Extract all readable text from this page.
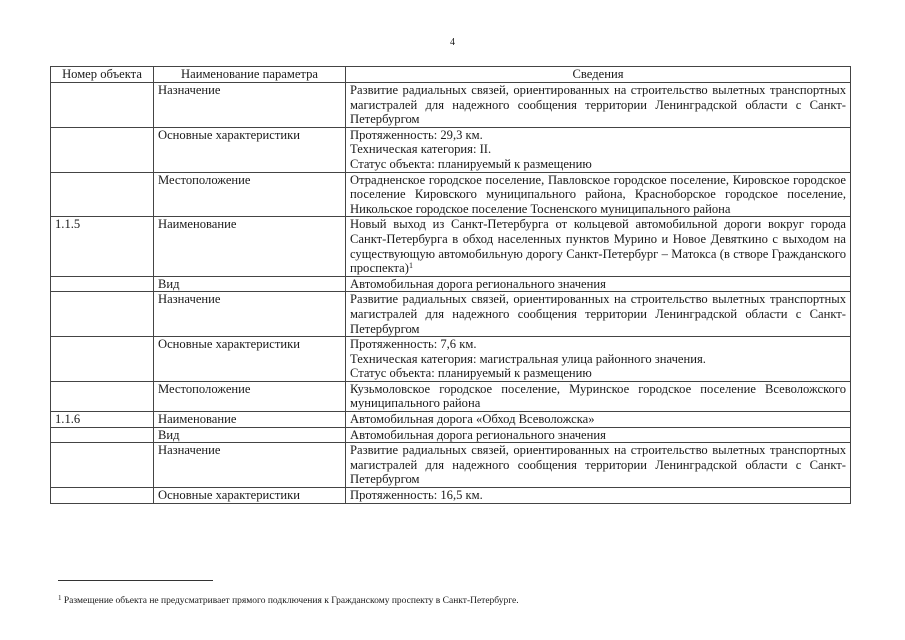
4
Номер объекта	Наименование параметра	Сведения
	Назначение	Развитие радиальных связей, ориентированных на строительство вылетных транспортных магистралей для надежного сообщения территории Ленинградской области с Санкт-Петербургом
	Основные характеристики	Протяженность: 29,3 км.
Техническая категория: II.
Статус объекта: планируемый к размещению

	Местоположение	Отрадненское городское поселение, Павловское городское поселение, Кировское городское поселение Кировского муниципального района, Красноборское городское поселение, Никольское городское поселение Тосненского муниципального района
1.1.5	Наименование	Новый выход из Санкт-Петербурга от кольцевой автомобильной дороги вокруг города Санкт-Петербурга в обход населенных пунктов Мурино и Новое Девяткино с выходом на существующую автомобильную дорогу Санкт-Петербург – Матокса (в створе Гражданского проспекта)$^1$
	Вид	Автомобильная дорога регионального значения
	Назначение	Развитие радиальных связей, ориентированных на строительство вылетных транспортных магистралей для надежного сообщения территории Ленинградской области с Санкт-Петербургом
	Основные характеристики	Протяженность: 7,6 км.
Техническая категория: магистральная улица районного значения.
Статус объекта: планируемый к размещению

	Местоположение	Кузьмоловское городское поселение, Муринское городское поселение Всеволожского муниципального района
1.1.6	Наименование	Автомобильная дорога «Обход Всеволожска»
	Вид	Автомобильная дорога регионального значения
	Назначение	Развитие радиальных связей, ориентированных на строительство вылетных транспортных магистралей для надежного сообщения территории Ленинградской области с Санкт-Петербургом
	Основные характеристики	Протяженность: 16,5 км.
$^1$ Размещение объекта не предусматривает прямого подключения к Гражданскому проспекту в Санкт-Петербурге.
